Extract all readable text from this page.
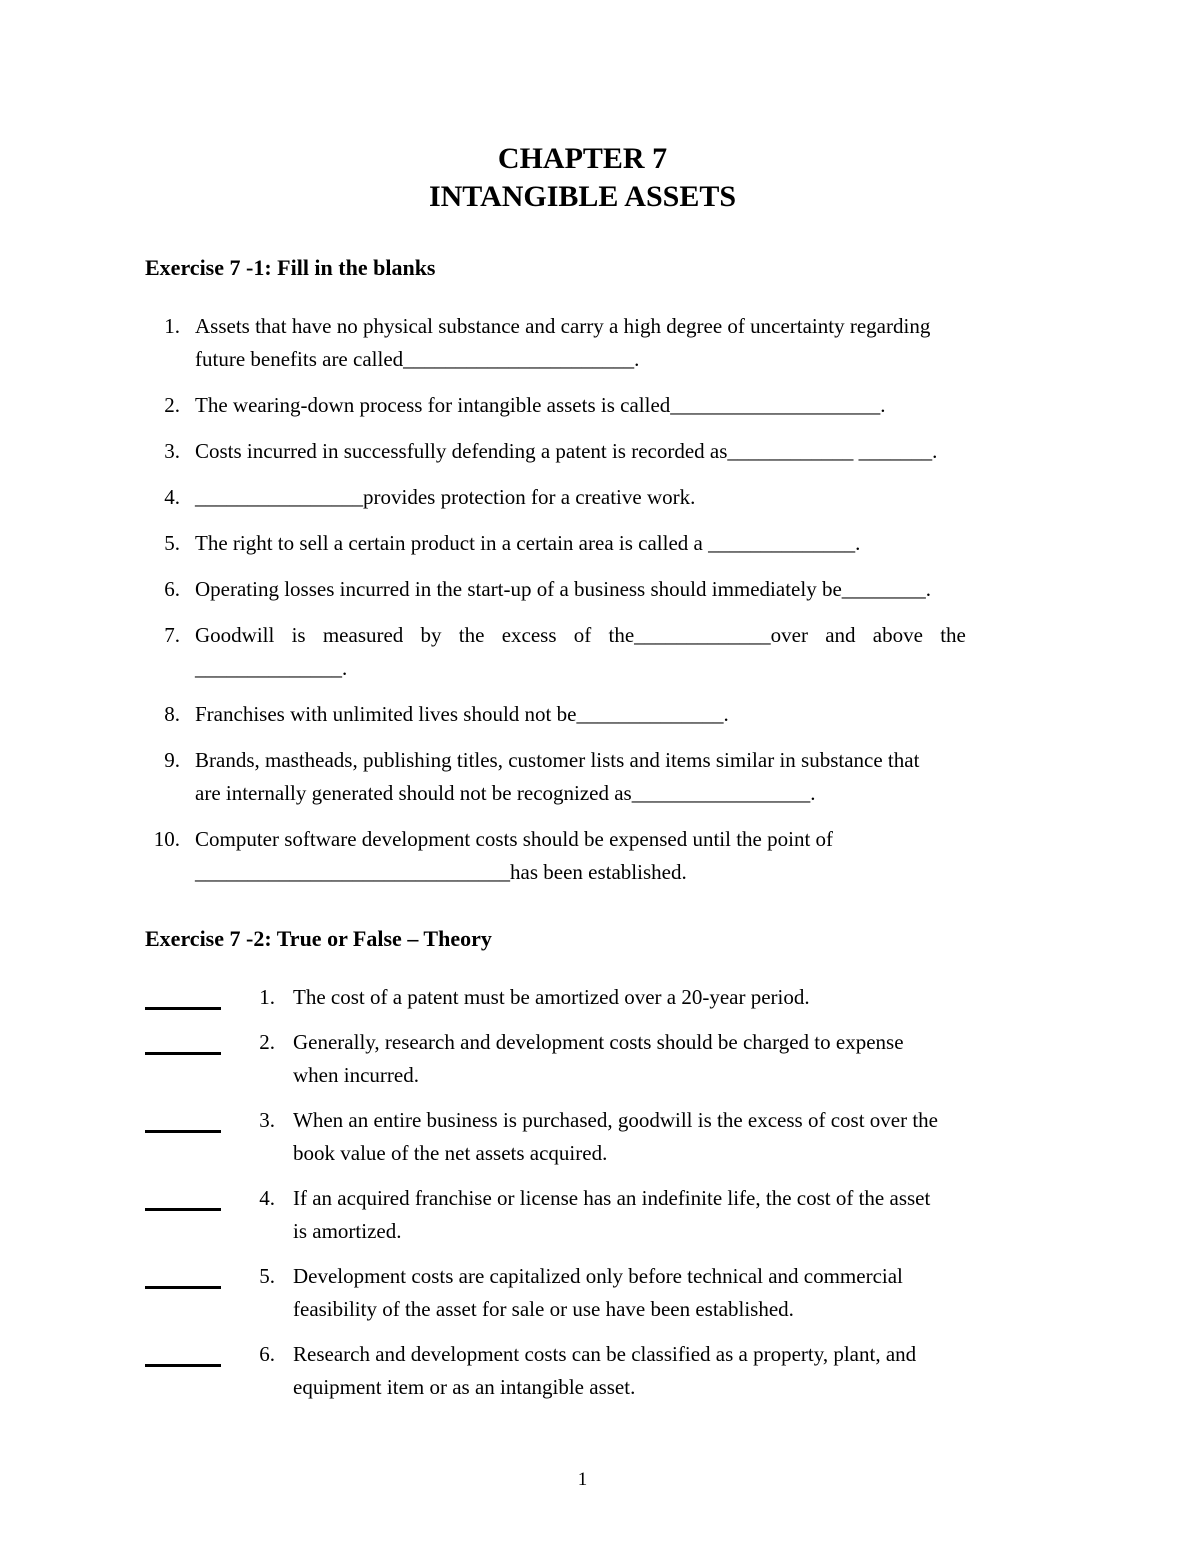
CHAPTER 7
INTANGIBLE ASSETS
Exercise 7 -1: Fill in the blanks
1. Assets that have no physical substance and carry a high degree of uncertainty regarding

future benefits are called______________________.

2. The wearing-down process for intangible assets is called____________________.

3. Costs incurred in successfully defending a patent is recorded as____________ _______.

4. ________________provides protection for a creative work.

5. The right to sell a certain product in a certain area is called a ______________.

6. Operating losses incurred in the start-up of a business should immediately be________.

7. Goodwill is measured by the excess of the_____________over and above the

______________.

8. Franchises with unlimited lives should not be______________.

9. Brands, mastheads, publishing titles, customer lists and items similar in substance that

are internally generated should not be recognized as_________________.

10. Computer software development costs should be expensed until the point of

______________________________has been established.

Exercise 7 -2: True or False – Theory
1. The cost of a patent must be amortized over a 20-year period.

2. Generally, research and development costs should be charged to expense

when incurred.

3. When an entire business is purchased, goodwill is the excess of cost over the

book value of the net assets acquired.

4. If an acquired franchise or license has an indefinite life, the cost of the asset

is amortized.

5. Development costs are capitalized only before technical and commercial

feasibility of the asset for sale or use have been established.

6. Research and development costs can be classified as a property, plant, and

equipment item or as an intangible asset.

1
